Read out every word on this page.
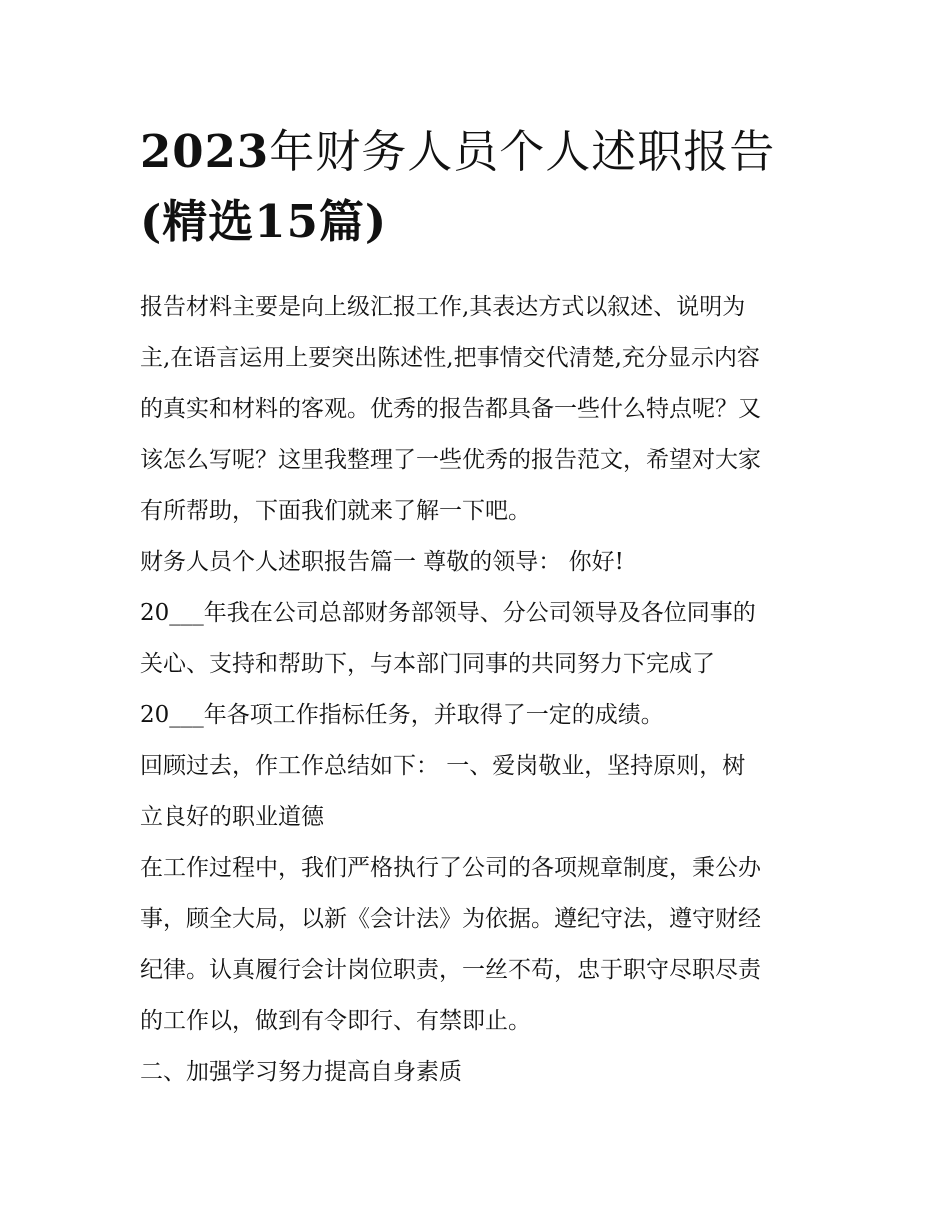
2023年财务人员个人述职报告
(精选15篇)
报告材料主要是向上级汇报工作,其表达方式以叙述、说明为
主,在语言运用上要突出陈述性,把事情交代清楚,充分显示内容
的真实和材料的客观。优秀的报告都具备一些什么特点呢？又
该怎么写呢？这里我整理了一些优秀的报告范文，希望对大家
有所帮助，下面我们就来了解一下吧。
财务人员个人述职报告篇一 尊敬的领导： 你好!
20___年我在公司总部财务部领导、分公司领导及各位同事的
关心、支持和帮助下，与本部门同事的共同努力下完成了
20___年各项工作指标任务，并取得了一定的成绩。
回顾过去，作工作总结如下： 一、爱岗敬业，坚持原则，树
立良好的职业道德
在工作过程中，我们严格执行了公司的各项规章制度，秉公办
事，顾全大局，以新《会计法》为依据。遵纪守法，遵守财经
纪律。认真履行会计岗位职责，一丝不苟，忠于职守尽职尽责
的工作以，做到有令即行、有禁即止。
二、加强学习努力提高自身素质
